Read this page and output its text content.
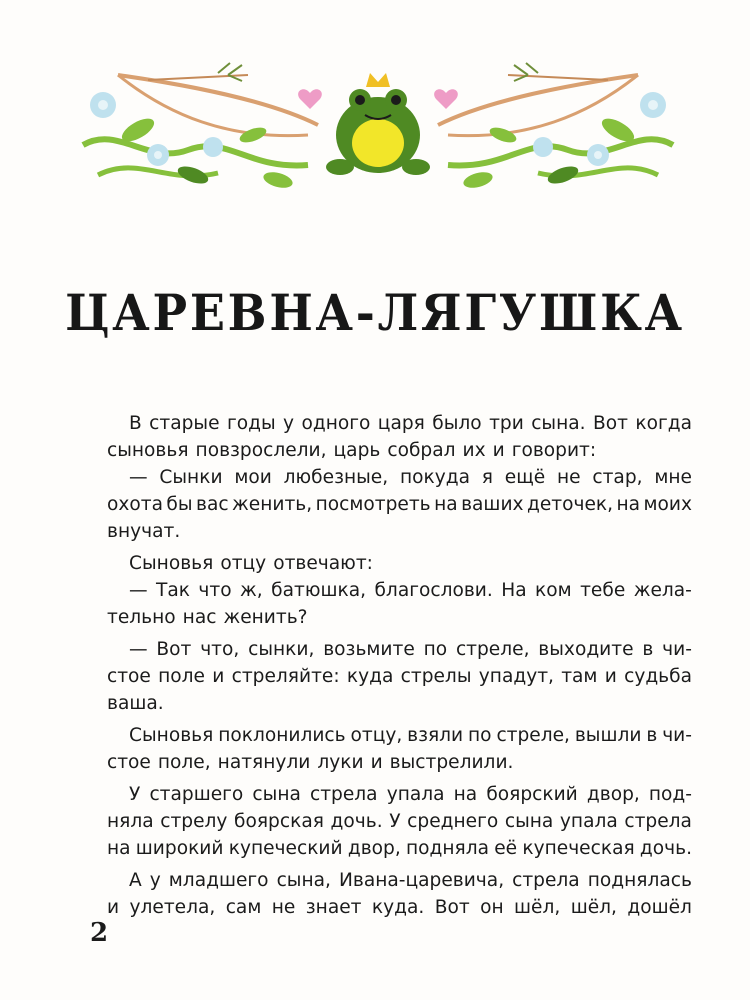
ЦАРЕВНА-ЛЯГУШКА
В старые годы у одного царя было три сына. Вот когда
сыновья повзрослели, царь собрал их и говорит:
— Сынки мои любезные, покуда я ещё не стар, мне
охота бы вас женить, посмотреть на ваших деточек, на моих
внучат.
Сыновья отцу отвечают:
— Так что ж, батюшка, благослови. На ком тебе жела-
тельно нас женить?
— Вот что, сынки, возьмите по стреле, выходите в чи-
стое поле и стреляйте: куда стрелы упадут, там и судьба
ваша.
Сыновья поклонились отцу, взяли по стреле, вышли в чи-
стое поле, натянули луки и выстрелили.
У старшего сына стрела упала на боярский двор, под-
няла стрелу боярская дочь. У среднего сына упала стрела
на широкий купеческий двор, подняла её купеческая дочь.
А у младшего сына, Ивана-царевича, стрела поднялась
и улетела, сам не знает куда. Вот он шёл, шёл, дошёл
2
